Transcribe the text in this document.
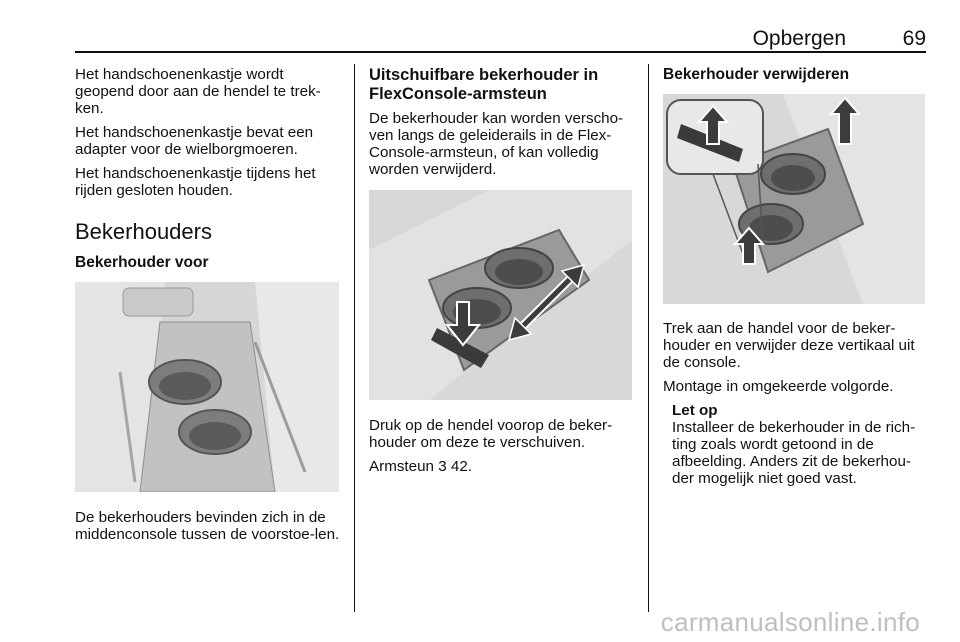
Opbergen	69

Het handschoenenkastje wordt geopend door aan de hendel te trek-ken.

Het handschoenenkastje bevat een adapter voor de wielborgmoeren.

Het handschoenenkastje tijdens het rijden gesloten houden.

Bekerhouders
Bekerhouder voor

De bekerhouders bevinden zich in de middenconsole tussen de voorstoe-len.

Uitschuifbare bekerhouder in FlexConsole-armsteun

De bekerhouder kan worden verscho-ven langs de geleiderails in de Flex-Console-armsteun, of kan volledig worden verwijderd.

Druk op de hendel voorop de beker-houder om deze te verschuiven.

Armsteun 3 42.

Bekerhouder verwijderen

Trek aan de handel voor de beker-houder en verwijder deze vertikaal uit de console.

Montage in omgekeerde volgorde.

Let op

Installeer de bekerhouder in de rich-ting zoals wordt getoond in de afbeelding. Anders zit de bekerhou-der mogelijk niet goed vast.

carmanualsonline.info
